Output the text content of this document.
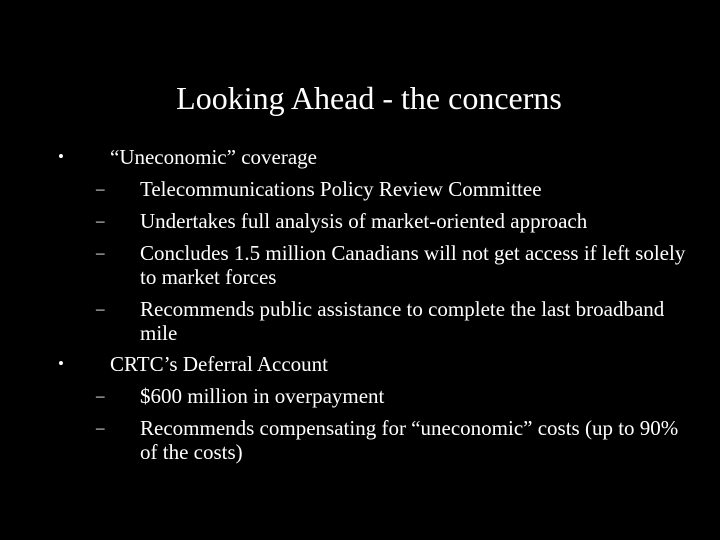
Looking Ahead - the concerns
• “Uneconomic” coverage
– Telecommunications Policy Review Committee
– Undertakes full analysis of market-oriented approach
– Concludes 1.5 million Canadians will not get access if left solely to market forces
– Recommends public assistance to complete the last broadband mile
• CRTC’s Deferral Account
– $600 million in overpayment
– Recommends compensating for “uneconomic” costs (up to 90% of the costs)
